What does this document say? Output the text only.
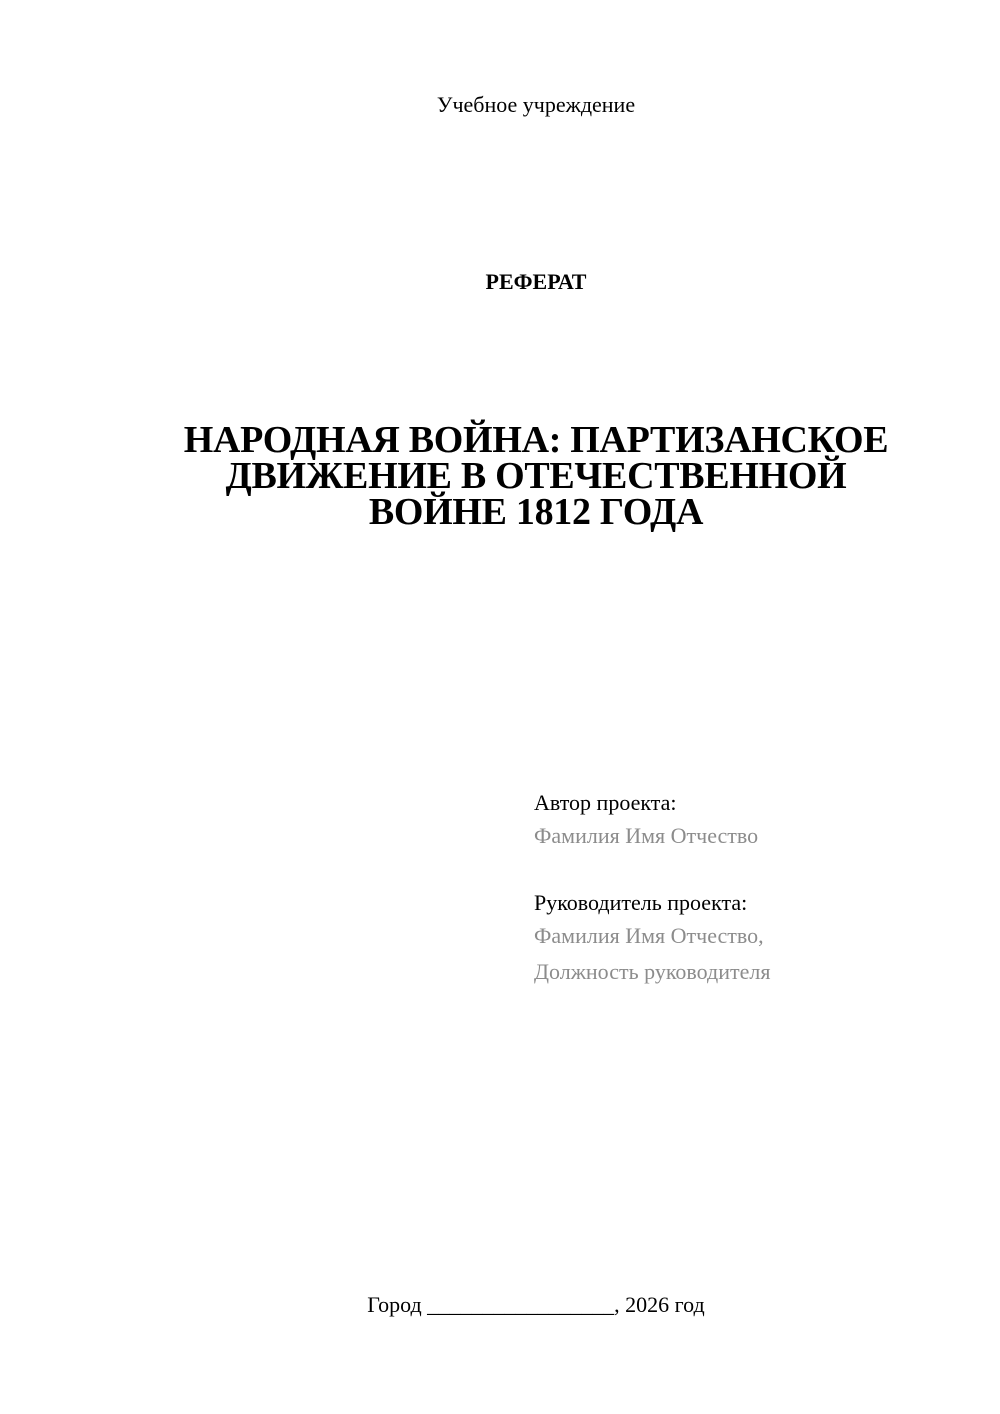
Учебное учреждение
РЕФЕРАТ
НАРОДНАЯ ВОЙНА: ПАРТИЗАНСКОЕ
ДВИЖЕНИЕ В ОТЕЧЕСТВЕННОЙ
ВОЙНЕ 1812 ГОДА
Автор проекта:
Фамилия Имя Отчество
Руководитель проекта:
Фамилия Имя Отчество,
Должность руководителя
Город _________________, 2026 год
